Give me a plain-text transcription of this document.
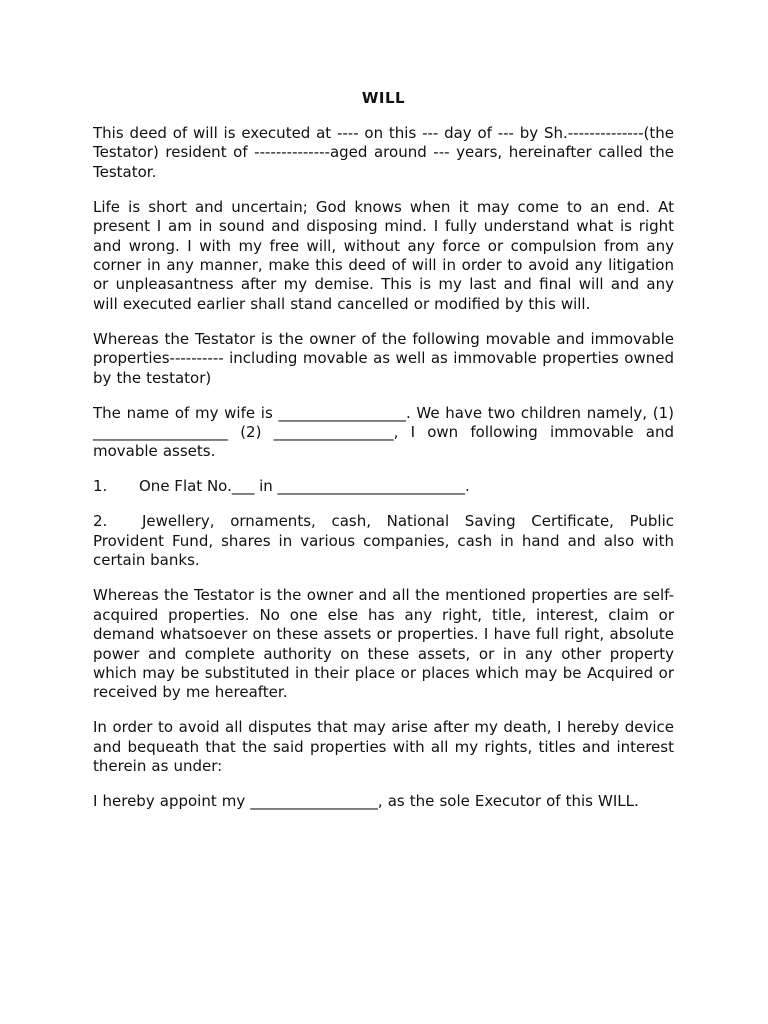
WILL

This deed of will is executed at ---- on this --- day of --- by Sh.--------------(the Testator) resident of --------------aged around --- years, hereinafter called the Testator.

Life is short and uncertain; God knows when it may come to an end. At present I am in sound and disposing mind. I fully understand what is right and wrong. I with my free will, without any force or compulsion from any corner in any manner, make this deed of will in order to avoid any litigation or unpleasantness after my demise. This is my last and final will and any will executed earlier shall stand cancelled or modified by this will.

Whereas the Testator is the owner of the following movable and immovable properties---------- including movable as well as immovable properties owned by the testator)

The name of my wife is _________________. We have two children namely, (1) __________________ (2) ________________, I own following immovable and movable assets.

1. One Flat No.___ in _________________________.
2. Jewellery, ornaments, cash, National Saving Certificate, Public Provident Fund, shares in various companies, cash in hand and also with certain banks.

Whereas the Testator is the owner and all the mentioned properties are self-acquired properties. No one else has any right, title, interest, claim or demand whatsoever on these assets or properties. I have full right, absolute power and complete authority on these assets, or in any other property which may be substituted in their place or places which may be Acquired or received by me hereafter.

In order to avoid all disputes that may arise after my death, I hereby device and bequeath that the said properties with all my rights, titles and interest therein as under:

I hereby appoint my _________________, as the sole Executor of this WILL.
